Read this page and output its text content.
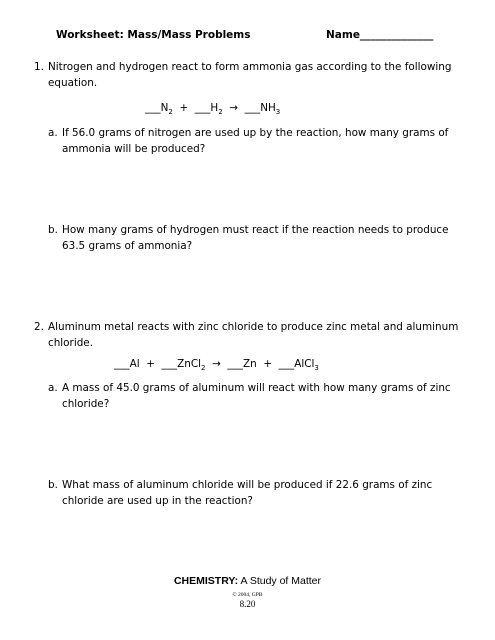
Worksheet: Mass/Mass Problems	Name______________
1. Nitrogen and hydrogen react to form ammonia gas according to the following
equation.
$\_\_\_N_2$ + $\_\_\_H_2$ → $\_\_\_NH_3$
a. If 56.0 grams of nitrogen are used up by the reaction, how many grams of
ammonia will be produced?
b. How many grams of hydrogen must react if the reaction needs to produce
63.5 grams of ammonia?
2. Aluminum metal reacts with zinc chloride to produce zinc metal and aluminum
chloride.
___Al + ___ZnCl$_2$ → ___Zn + ___AlCl$_3$
a. A mass of 45.0 grams of aluminum will react with how many grams of zinc
chloride?
b. What mass of aluminum chloride will be produced if 22.6 grams of zinc
chloride are used up in the reaction?
CHEMISTRY: A Study of Matter
© 2004, GPB
8.20
